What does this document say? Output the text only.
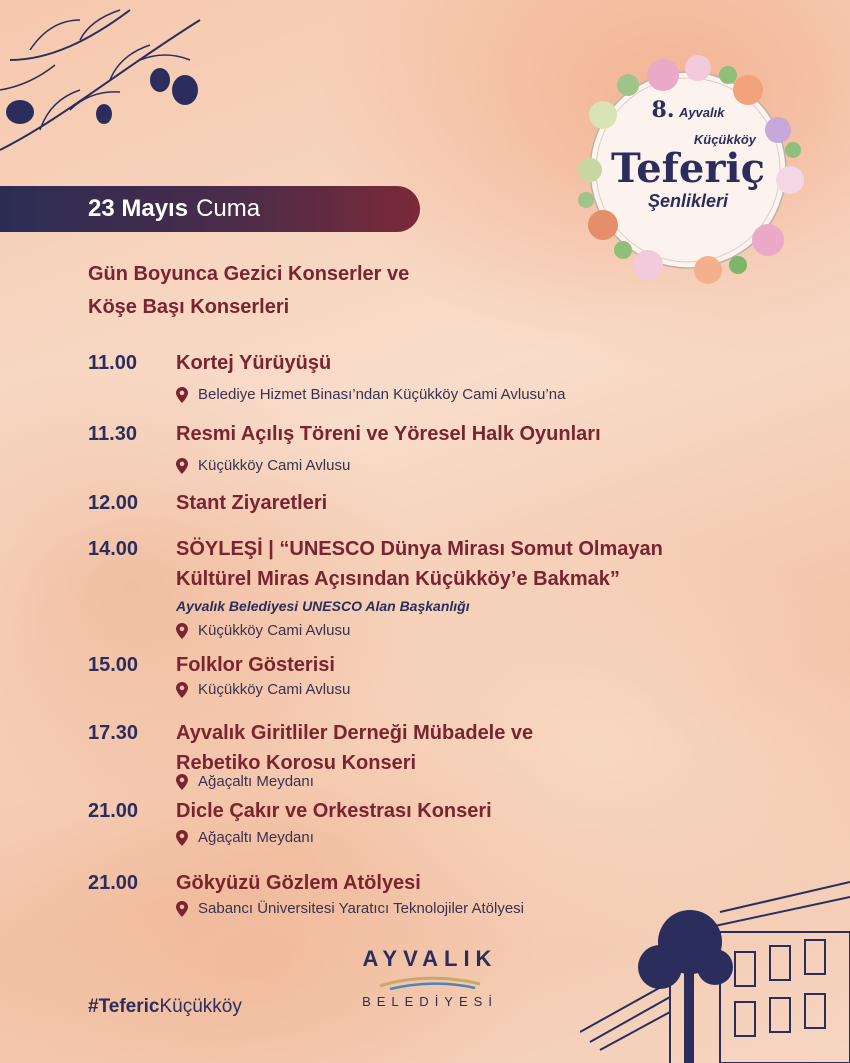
8. Ayvalık
Küçükköy
Teferiç
Şenlikleri
23 Mayıs Cuma
Gün Boyunca Gezici Konserler ve
Köşe Başı Konserleri
11.00	Kortej Yürüyüşü
Belediye Hizmet Binası’ndan Küçükköy Cami Avlusu’na
11.30	Resmi Açılış Töreni ve Yöresel Halk Oyunları
Küçükköy Cami Avlusu
12.00	Stant Ziyaretleri
14.00	SÖYLEŞİ | “UNESCO Dünya Mirası Somut Olmayan
Kültürel Miras Açısından Küçükköy’e Bakmak”
Ayvalık Belediyesi UNESCO Alan Başkanlığı
Küçükköy Cami Avlusu
15.00	Folklor Gösterisi
Küçükköy Cami Avlusu
17.30	Ayvalık Giritliler Derneği Mübadele ve
Rebetiko Korosu Konseri
Ağaçaltı Meydanı
21.00	Dicle Çakır ve Orkestrası Konseri
Ağaçaltı Meydanı
21.00	Gökyüzü Gözlem Atölyesi
Sabancı Üniversitesi Yaratıcı Teknolojiler Atölyesi
#TefericKüçükköy
AYVALIK
BELEDİYESİ
